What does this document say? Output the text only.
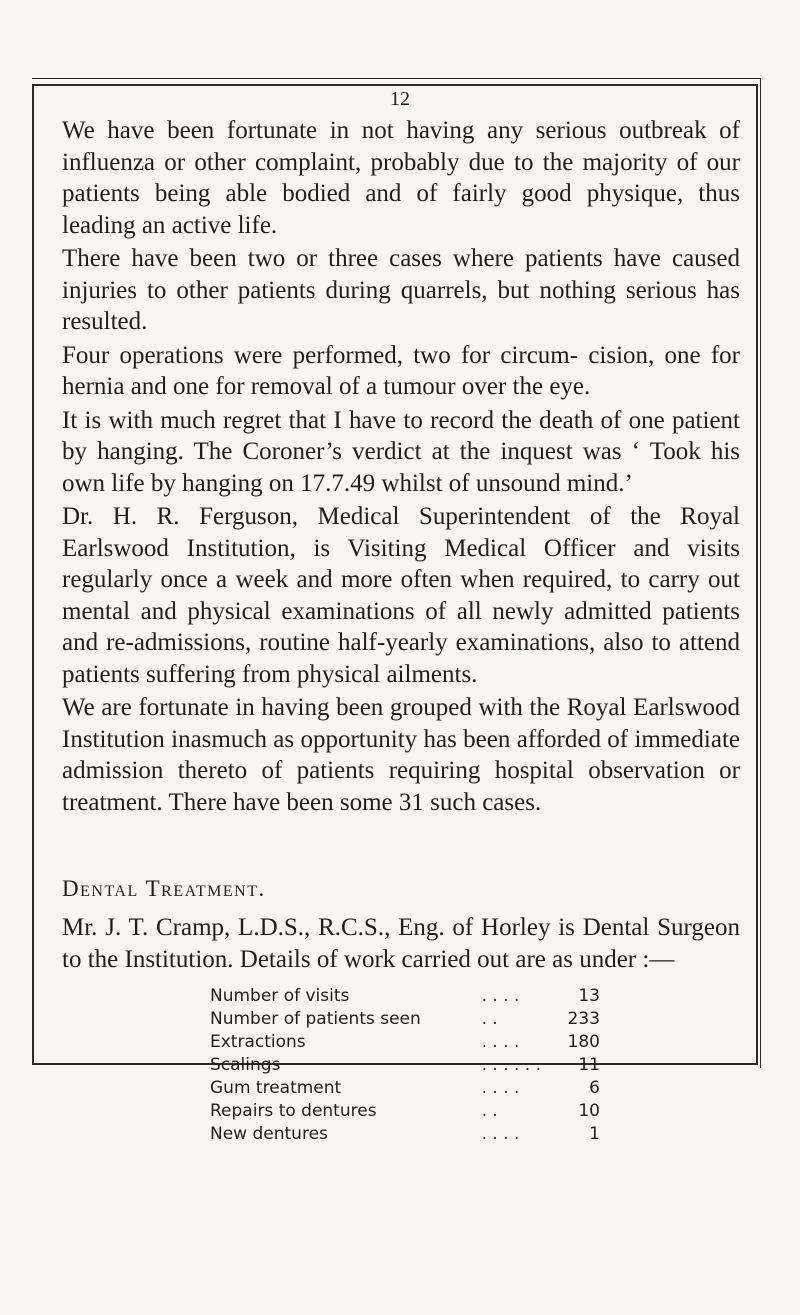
12

We have been fortunate in not having any serious outbreak of influenza or other complaint, probably due to the majority of our patients being able bodied and of fairly good physique, thus leading an active life.

There have been two or three cases where patients have caused injuries to other patients during quarrels, but nothing serious has resulted.

Four operations were performed, two for circum- cision, one for hernia and one for removal of a tumour over the eye.

It is with much regret that I have to record the death of one patient by hanging. The Coroner’s verdict at the inquest was ‘ Took his own life by hanging on 17.7.49 whilst of unsound mind.’

Dr. H. R. Ferguson, Medical Superintendent of the Royal Earlswood Institution, is Visiting Medical Officer and visits regularly once a week and more often when required, to carry out mental and physical examinations of all newly admitted patients and re-admissions, routine half-yearly examinations, also to attend patients suffering from physical ailments.

We are fortunate in having been grouped with the Royal Earlswood Institution inasmuch as opportunity has been afforded of immediate admission thereto of patients requiring hospital observation or treatment. There have been some 31 such cases.

Dental Treatment.

Mr. J. T. Cramp, L.D.S., R.C.S., Eng. of Horley is Dental Surgeon to the Institution. Details of work carried out are as under :—

Number of visits	. . . .	13
Number of patients seen	. .	233
Extractions	. . . .	180
Scalings	. . . . . .	11
Gum treatment	. . . .	6
Repairs to dentures	. .	10
New dentures	. . . .	1
